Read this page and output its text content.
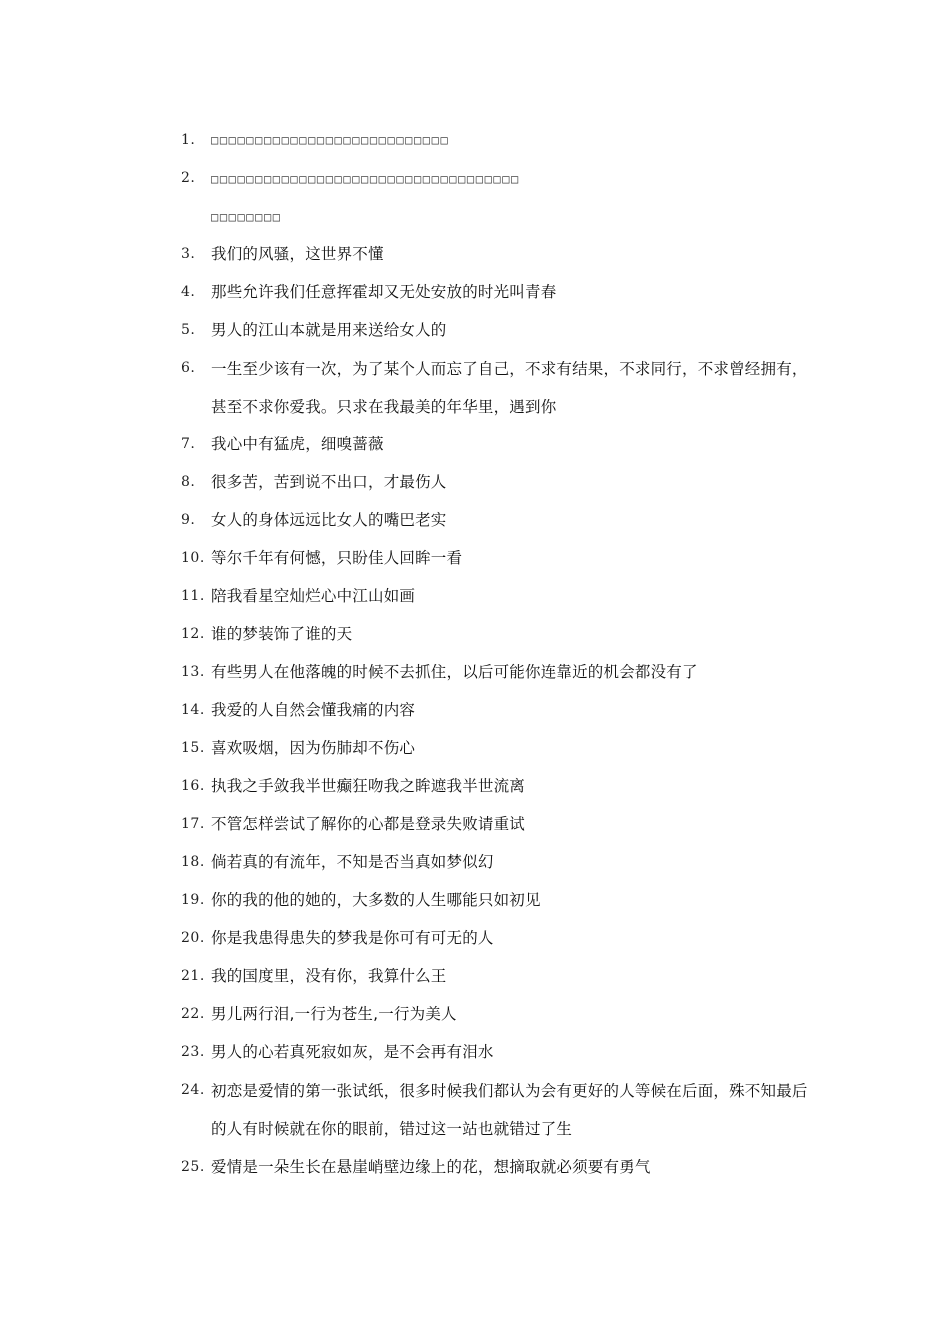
1.	□□□□□□□□□□□□□□□□□□□□□□□□□□□
2.	□□□□□□□□□□□□□□□□□□□□□□□□□□□□□□□□□□□□□□□□□□□
3.	我们的风骚，这世界不懂
4.	那些允许我们任意挥霍却又无处安放的时光叫青春
5.	男人的江山本就是用来送给女人的
6.	一生至少该有一次，为了某个人而忘了自己，不求有结果，不求同行，不求曾经拥有，甚至不求你爱我。只求在我最美的年华里，遇到你
7.	我心中有猛虎，细嗅蔷薇
8.	很多苦，苦到说不出口，才最伤人
9.	女人的身体远远比女人的嘴巴老实
10. 等尔千年有何憾，只盼佳人回眸一看
11. 陪我看星空灿烂心中江山如画
12. 谁的梦装饰了谁的天
13. 有些男人在他落魄的时候不去抓住，以后可能你连靠近的机会都没有了
14. 我爱的人自然会懂我痛的内容
15. 喜欢吸烟，因为伤肺却不伤心
16. 执我之手敛我半世癫狂吻我之眸遮我半世流离
17. 不管怎样尝试了解你的心都是登录失败请重试
18. 倘若真的有流年，不知是否当真如梦似幻
19. 你的我的他的她的，大多数的人生哪能只如初见
20. 你是我患得患失的梦我是你可有可无的人
21. 我的国度里，没有你，我算什么王
22. 男儿两行泪,一行为苍生,一行为美人
23. 男人的心若真死寂如灰，是不会再有泪水
24. 初恋是爱情的第一张试纸，很多时候我们都认为会有更好的人等候在后面，殊不知最后的人有时候就在你的眼前，错过这一站也就错过了生
25. 爱情是一朵生长在悬崖峭壁边缘上的花，想摘取就必须要有勇气
